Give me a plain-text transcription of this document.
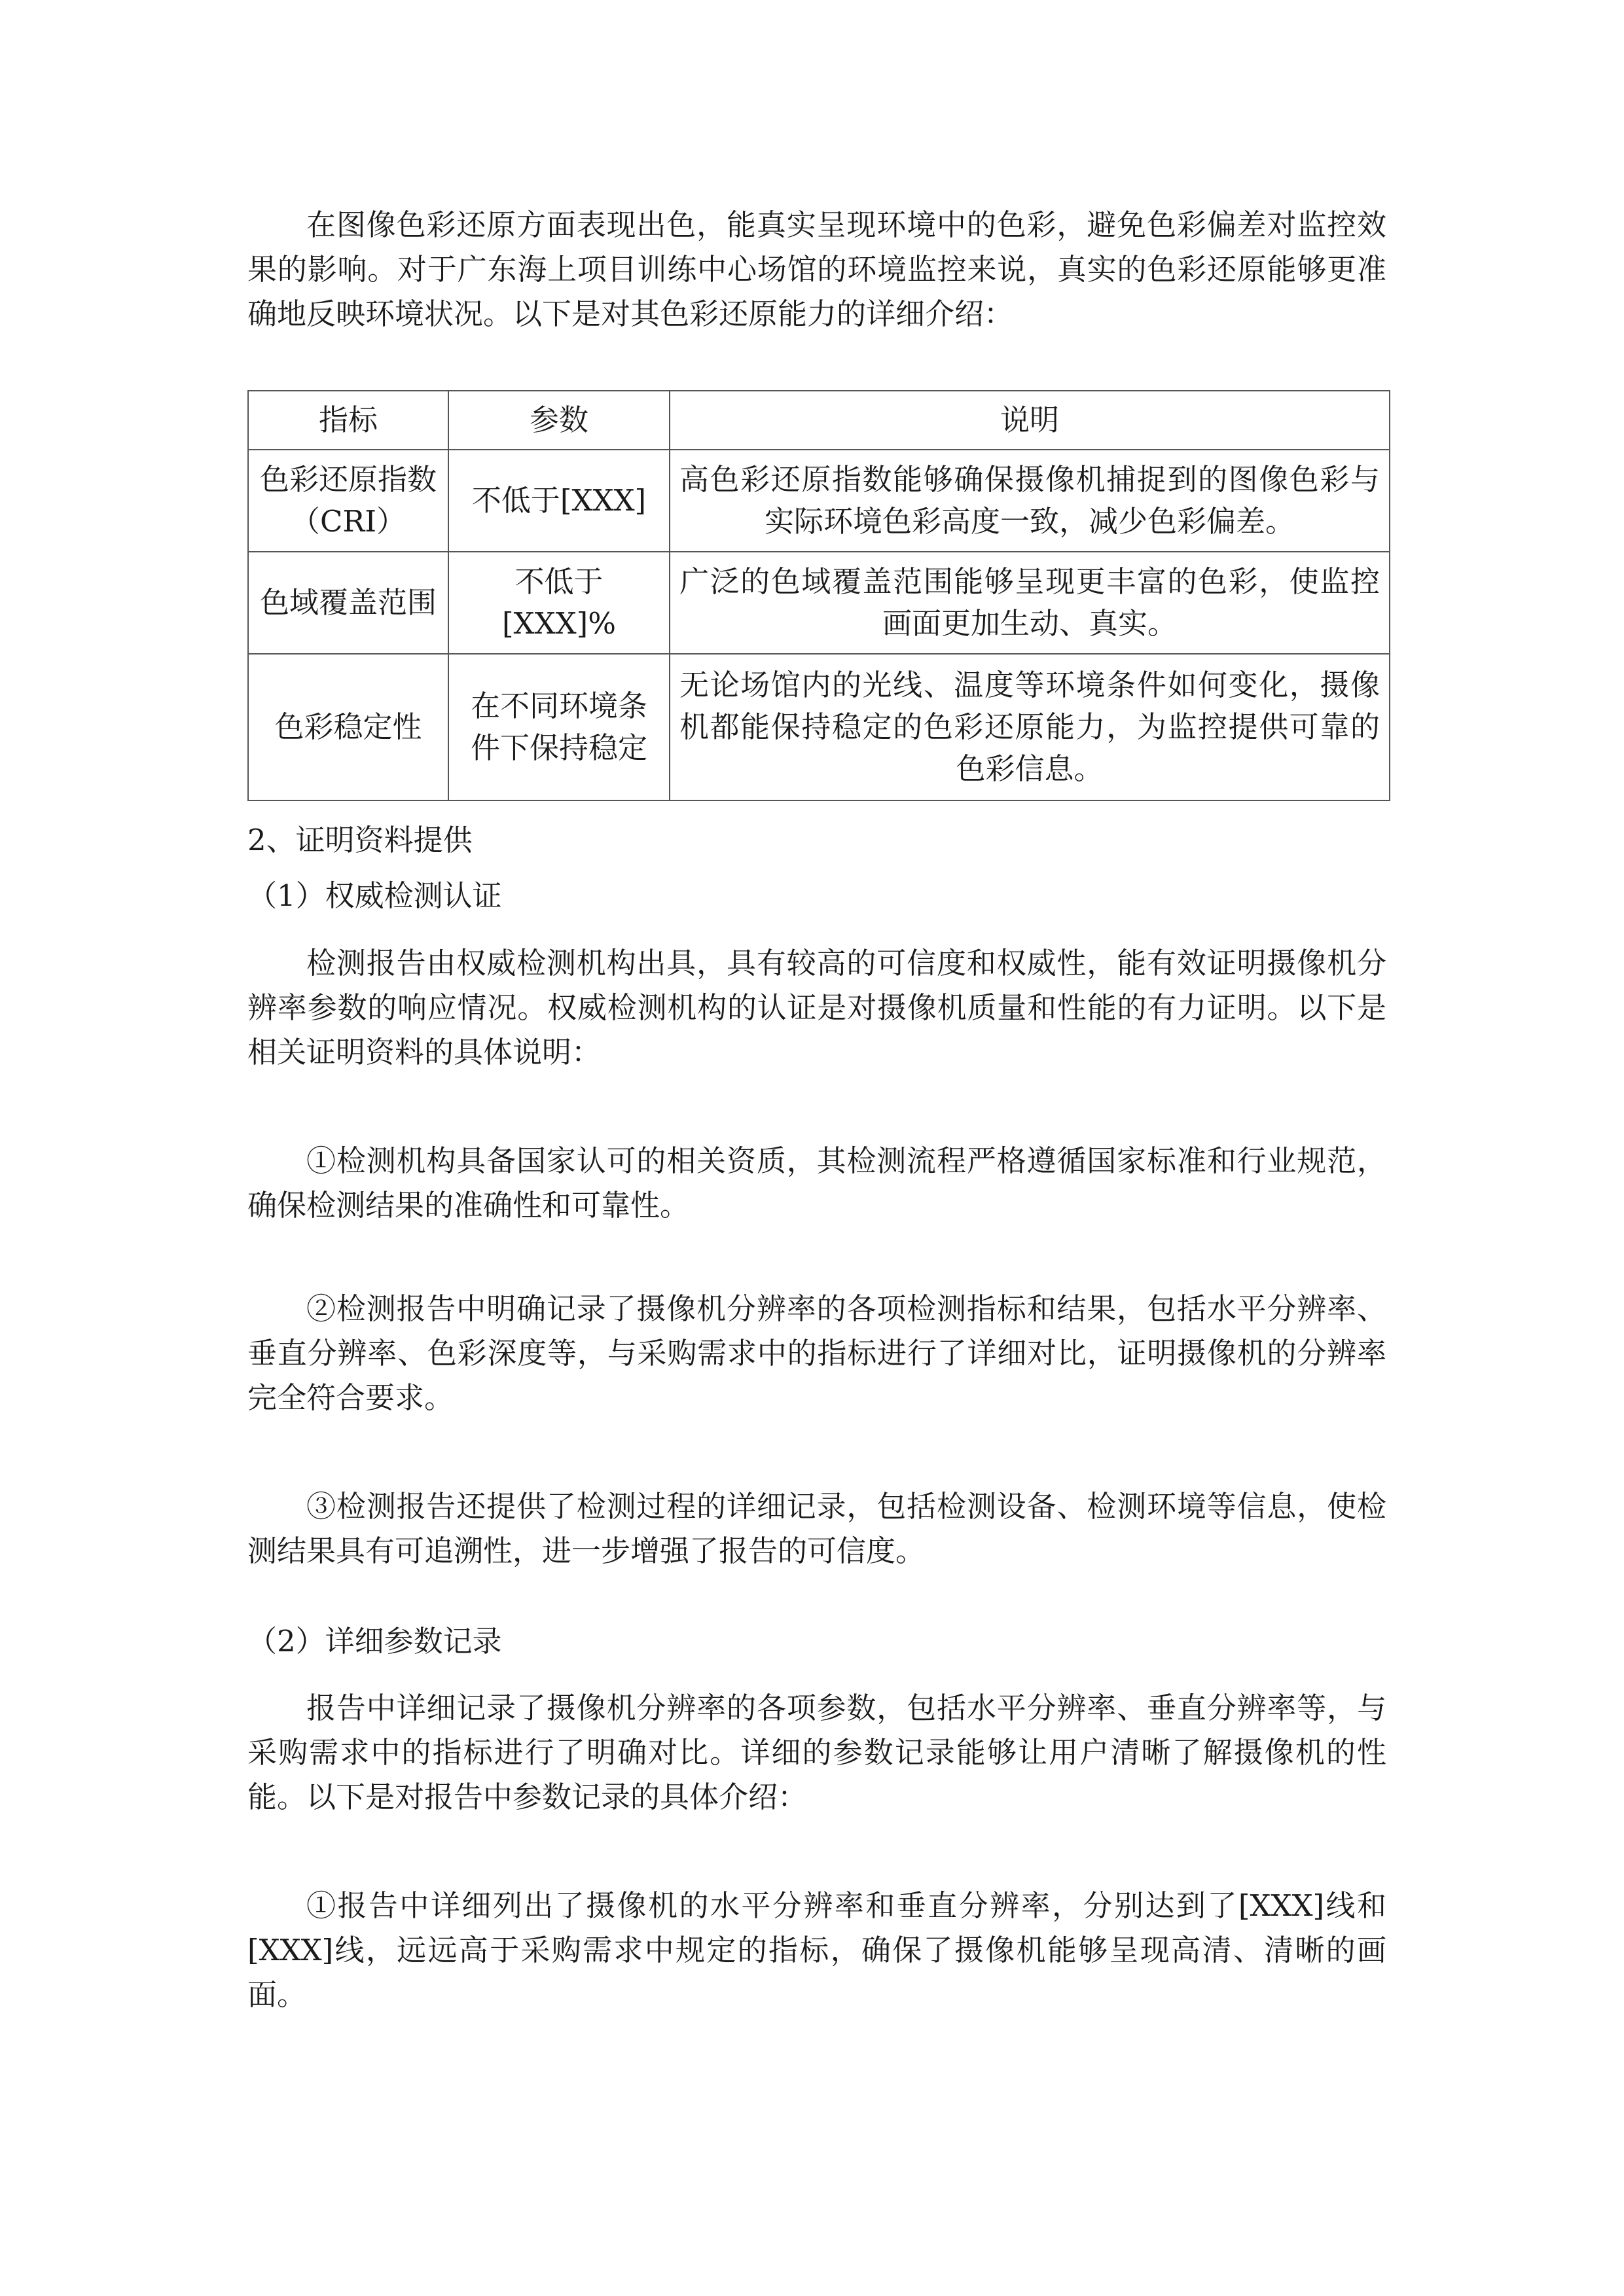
在图像色彩还原方面表现出色，能真实呈现环境中的色彩，避免色彩偏差对监控效果的影响。对于广东海上项目训练中心场馆的环境监控来说，真实的色彩还原能够更准确地反映环境状况。以下是对其色彩还原能力的详细介绍：

指标	参数	说明
色彩还原指数（CRI）	不低于[XXX]	高色彩还原指数能够确保摄像机捕捉到的图像色彩与实际环境色彩高度一致，减少色彩偏差。
色域覆盖范围	不低于[XXX]%	广泛的色域覆盖范围能够呈现更丰富的色彩，使监控画面更加生动、真实。
色彩稳定性	在不同环境条件下保持稳定	无论场馆内的光线、温度等环境条件如何变化，摄像机都能保持稳定的色彩还原能力，为监控提供可靠的色彩信息。

2、证明资料提供

（1）权威检测认证

检测报告由权威检测机构出具，具有较高的可信度和权威性，能有效证明摄像机分辨率参数的响应情况。权威检测机构的认证是对摄像机质量和性能的有力证明。以下是相关证明资料的具体说明：

①检测机构具备国家认可的相关资质，其检测流程严格遵循国家标准和行业规范，确保检测结果的准确性和可靠性。

②检测报告中明确记录了摄像机分辨率的各项检测指标和结果，包括水平分辨率、垂直分辨率、色彩深度等，与采购需求中的指标进行了详细对比，证明摄像机的分辨率完全符合要求。

③检测报告还提供了检测过程的详细记录，包括检测设备、检测环境等信息，使检测结果具有可追溯性，进一步增强了报告的可信度。

（2）详细参数记录

报告中详细记录了摄像机分辨率的各项参数，包括水平分辨率、垂直分辨率等，与采购需求中的指标进行了明确对比。详细的参数记录能够让用户清晰了解摄像机的性能。以下是对报告中参数记录的具体介绍：

①报告中详细列出了摄像机的水平分辨率和垂直分辨率，分别达到了[XXX]线和[XXX]线，远远高于采购需求中规定的指标，确保了摄像机能够呈现高清、清晰的画面。
